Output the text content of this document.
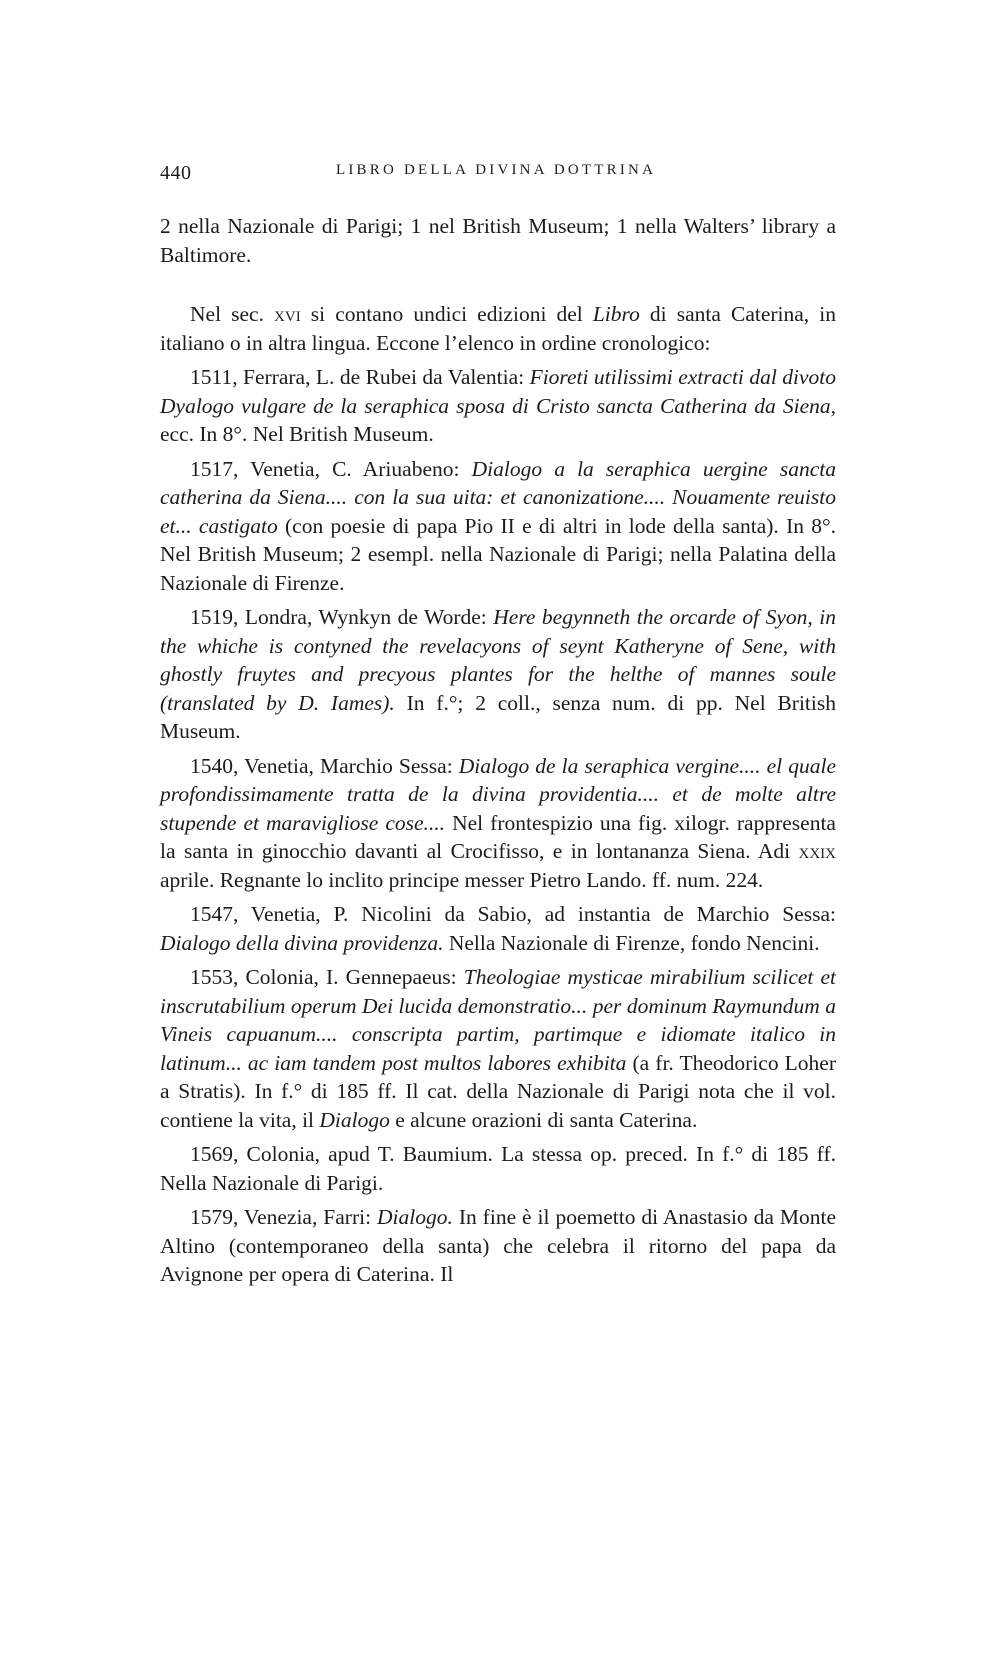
440	LIBRO DELLA DIVINA DOTTRINA

2 nella Nazionale di Parigi; 1 nel British Museum; 1 nella Walters’ library a Baltimore.

Nel sec. xvi si contano undici edizioni del Libro di santa Caterina, in italiano o in altra lingua. Eccone l’elenco in ordine cronologico:

1511, Ferrara, L. de Rubei da Valentia: Fioreti utilissimi extracti dal divoto Dyalogo vulgare de la seraphica sposa di Cristo sancta Catherina da Siena, ecc. In 8°. Nel British Museum.

1517, Venetia, C. Ariuabeno: Dialogo a la seraphica uergine sancta catherina da Siena.... con la sua uita: et canonizatione.... Nouamente reuisto et... castigato (con poesie di papa Pio II e di altri in lode della santa). In 8°. Nel British Museum; 2 esempl. nella Nazionale di Parigi; nella Palatina della Nazionale di Firenze.

1519, Londra, Wynkyn de Worde: Here begynneth the orcarde of Syon, in the whiche is contyned the revelacyons of seynt Katheryne of Sene, with ghostly fruytes and precyous plantes for the helthe of mannes soule (translated by D. Iames). In f.°; 2 coll., senza num. di pp. Nel British Museum.

1540, Venetia, Marchio Sessa: Dialogo de la seraphica vergine.... el quale profondissimamente tratta de la divina providentia.... et de molte altre stupende et maravigliose cose.... Nel frontespizio una fig. xilogr. rappresenta la santa in ginocchio davanti al Crocifisso, e in lontananza Siena. Adi xxix aprile. Regnante lo inclito principe messer Pietro Lando. ff. num. 224.

1547, Venetia, P. Nicolini da Sabio, ad instantia de Marchio Sessa: Dialogo della divina providenza. Nella Nazionale di Firenze, fondo Nencini.

1553, Colonia, I. Gennepaeus: Theologiae mysticae mirabilium scilicet et inscrutabilium operum Dei lucida demonstratio... per dominum Raymundum a Vineis capuanum.... conscripta partim, partimque e idiomate italico in latinum... ac iam tandem post multos labores exhibita (a fr. Theodorico Loher a Stratis). In f.° di 185 ff. Il cat. della Nazionale di Parigi nota che il vol. contiene la vita, il Dialogo e alcune orazioni di santa Caterina.

1569, Colonia, apud T. Baumium. La stessa op. preced. In f.° di 185 ff. Nella Nazionale di Parigi.

1579, Venezia, Farri: Dialogo. In fine è il poemetto di Anastasio da Monte Altino (contemporaneo della santa) che celebra il ritorno del papa da Avignone per opera di Caterina. Il
